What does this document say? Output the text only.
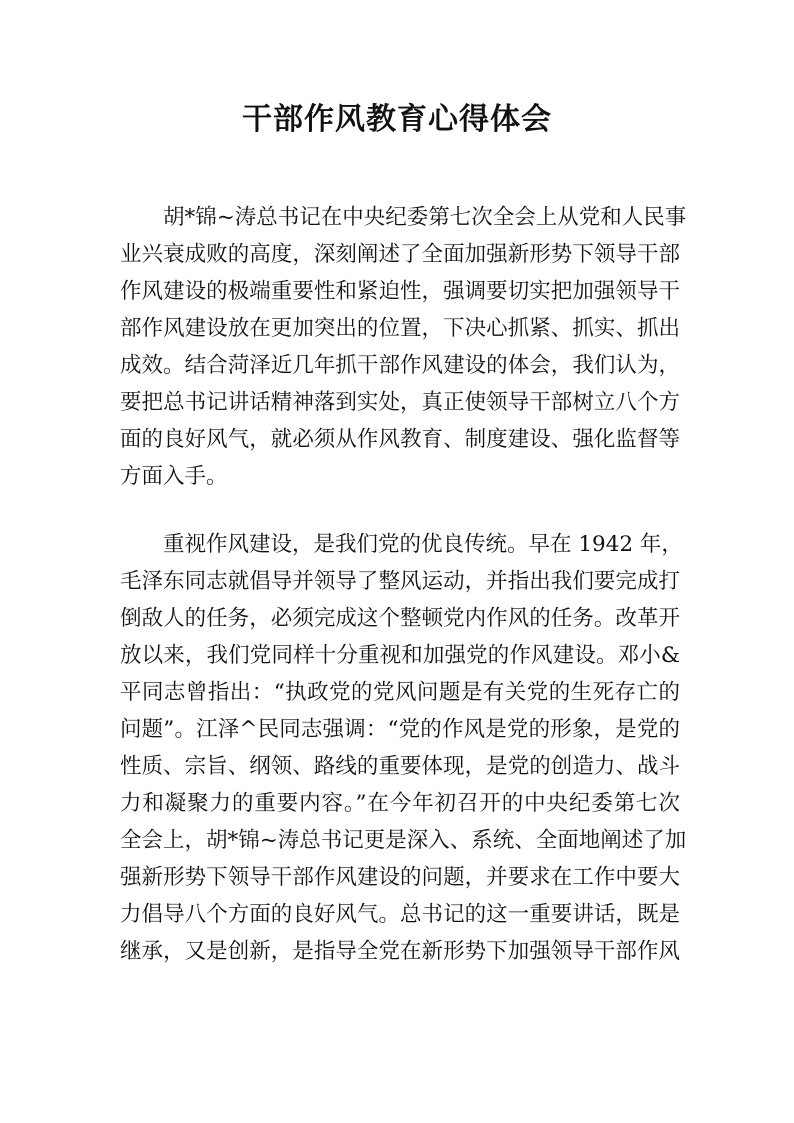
干部作风教育心得体会

胡*锦~涛总书记在中央纪委第七次全会上从党和人民事

业兴衰成败的高度，深刻阐述了全面加强新形势下领导干部

作风建设的极端重要性和紧迫性，强调要切实把加强领导干

部作风建设放在更加突出的位置，下决心抓紧、抓实、抓出

成效。结合菏泽近几年抓干部作风建设的体会，我们认为，

要把总书记讲话精神落到实处，真正使领导干部树立八个方

面的良好风气，就必须从作风教育、制度建设、强化监督等

方面入手。

重视作风建设，是我们党的优良传统。早在 1942 年，

毛泽东同志就倡导并领导了整风运动，并指出我们要完成打

倒敌人的任务，必须完成这个整顿党内作风的任务。改革开

放以来，我们党同样十分重视和加强党的作风建设。邓小&

平同志曾指出：“执政党的党风问题是有关党的生死存亡的

问题”。江泽^民同志强调：“党的作风是党的形象，是党的

性质、宗旨、纲领、路线的重要体现，是党的创造力、战斗

力和凝聚力的重要内容。”在今年初召开的中央纪委第七次

全会上，胡*锦~涛总书记更是深入、系统、全面地阐述了加

强新形势下领导干部作风建设的问题，并要求在工作中要大

力倡导八个方面的良好风气。总书记的这一重要讲话，既是

继承，又是创新，是指导全党在新形势下加强领导干部作风
